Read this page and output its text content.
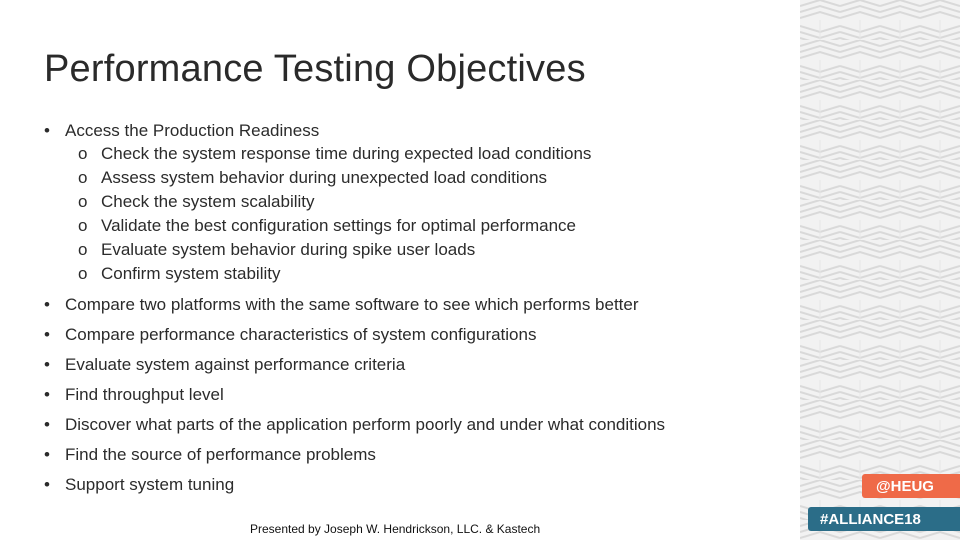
Performance Testing Objectives
• Access the Production Readiness
o Check the system response time during expected load conditions
o Assess system behavior during unexpected load conditions
o Check the system scalability
o Validate the best configuration settings for optimal performance
o Evaluate system behavior during spike user loads
o Confirm system stability
• Compare two platforms with the same software to see which performs better
• Compare performance characteristics of system configurations
• Evaluate system against performance criteria
• Find throughput level
• Discover what parts of the application perform poorly and under what conditions
• Find the source of performance problems
• Support system tuning
Presented by Joseph W. Hendrickson, LLC. & Kastech
@HEUG
#ALLIANCE18
